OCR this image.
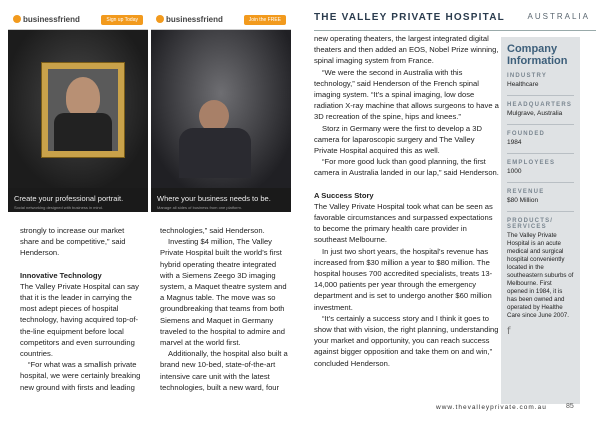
businessfriend	Sign up Today
Create your professional portrait.
Social networking designed with business in mind.
businessfriend	Join the FREE
Where your business needs to be.
Manage all sides of business from one platform.

strongly to increase our market share and be competitive,” said Henderson.

Innovative Technology

The Valley Private Hospital can say that it is the leader in carrying the most adept pieces of hospital technology, having acquired top-of-the-line equipment before local competitors and even surrounding countries.

“For what was a smallish private hospital, we were certainly breaking new ground with firsts and leading

technologies,” said Henderson.

Investing $4 million, The Valley Private Hospital built the world’s first hybrid operating theatre integrated with a Siemens Zeego 3D imaging system, a Maquet theatre system and a Magnus table. The move was so groundbreaking that teams from both Siemens and Maquet in Germany traveled to the hospital to admire and marvel at the world first.

Additionally, the hospital also built a brand new 10-bed, state-of-the-art intensive care unit with the latest technologies, built a new ward, four

THE VALLEY PRIVATE HOSPITAL	AUSTRALIA

new operating theaters, the largest integrated digital theaters and then added an EOS, Nobel Prize winning, spinal imaging system from France.

“We were the second in Australia with this technology,” said Henderson of the French spinal imaging system. “It’s a spinal imaging, low dose radiation X-ray machine that allows surgeons to have a 3D recreation of the spine, hips and knees.”

Storz in Germany were the first to develop a 3D camera for laparoscopic surgery and The Valley Private Hospital acquired this as well.

“For more good luck than good planning, the first camera in Australia landed in our lap,” said Henderson.

A Success Story

The Valley Private Hospital took what can be seen as favorable circumstances and surpassed expectations to become the primary health care provider in southeast Melbourne.

In just two short years, the hospital’s revenue has increased from $30 million a year to $80 million. The hospital houses 700 accredited specialists, treats 13-14,000 patients per year through the emergency department and is set to undergo another $60 million investment.

“It’s certainly a success story and I think it goes to show that with vision, the right planning, understanding your market and opportunity, you can reach success against bigger opposition and take them on and win,” concluded Henderson.

Company Information
INDUSTRY
Healthcare
HEADQUARTERS
Mulgrave, Australia
FOUNDED
1984
EMPLOYEES
1000
REVENUE
$80 Million
PRODUCTS/ SERVICES
The Valley Private Hospital is an acute medical and surgical hospital conveniently located in the southeastern suburbs of Melbourne. First opened in 1984, it is has been owned and operated by Healthe Care since June 2007.
f
www.thevalleyprivate.com.au	85
